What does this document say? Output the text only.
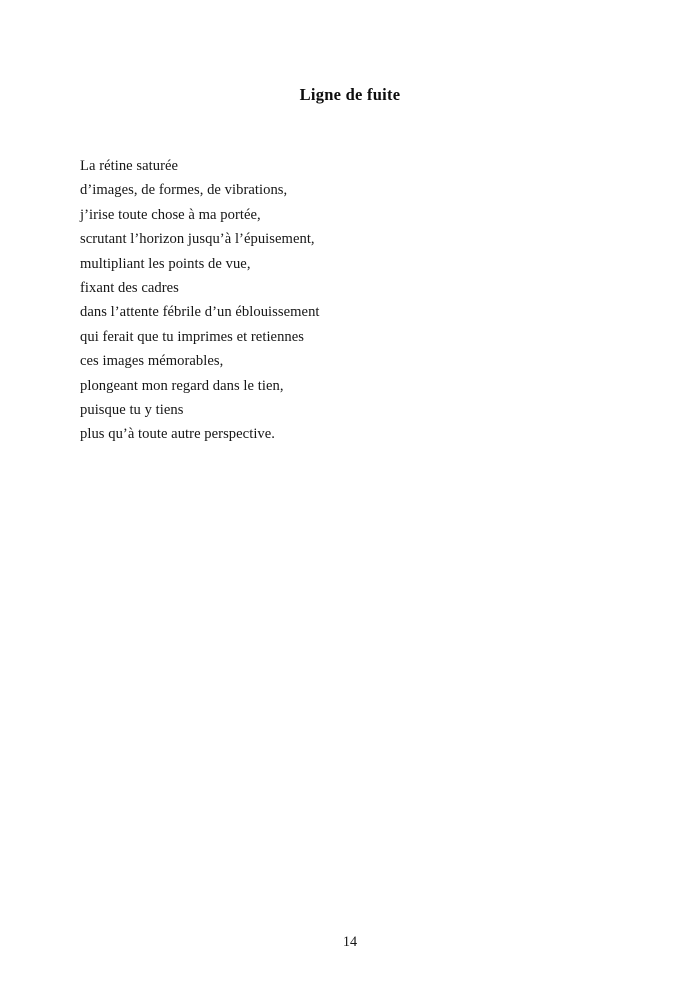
Ligne de fuite
La rétine saturée
d’images, de formes, de vibrations,
j’irise toute chose à ma portée,
scrutant l’horizon jusqu’à l’épuisement,
multipliant les points de vue,
fixant des cadres
dans l’attente fébrile d’un éblouissement
qui ferait que tu imprimes et retiennes
ces images mémorables,
plongeant mon regard dans le tien,
puisque tu y tiens
plus qu’à toute autre perspective.
14
